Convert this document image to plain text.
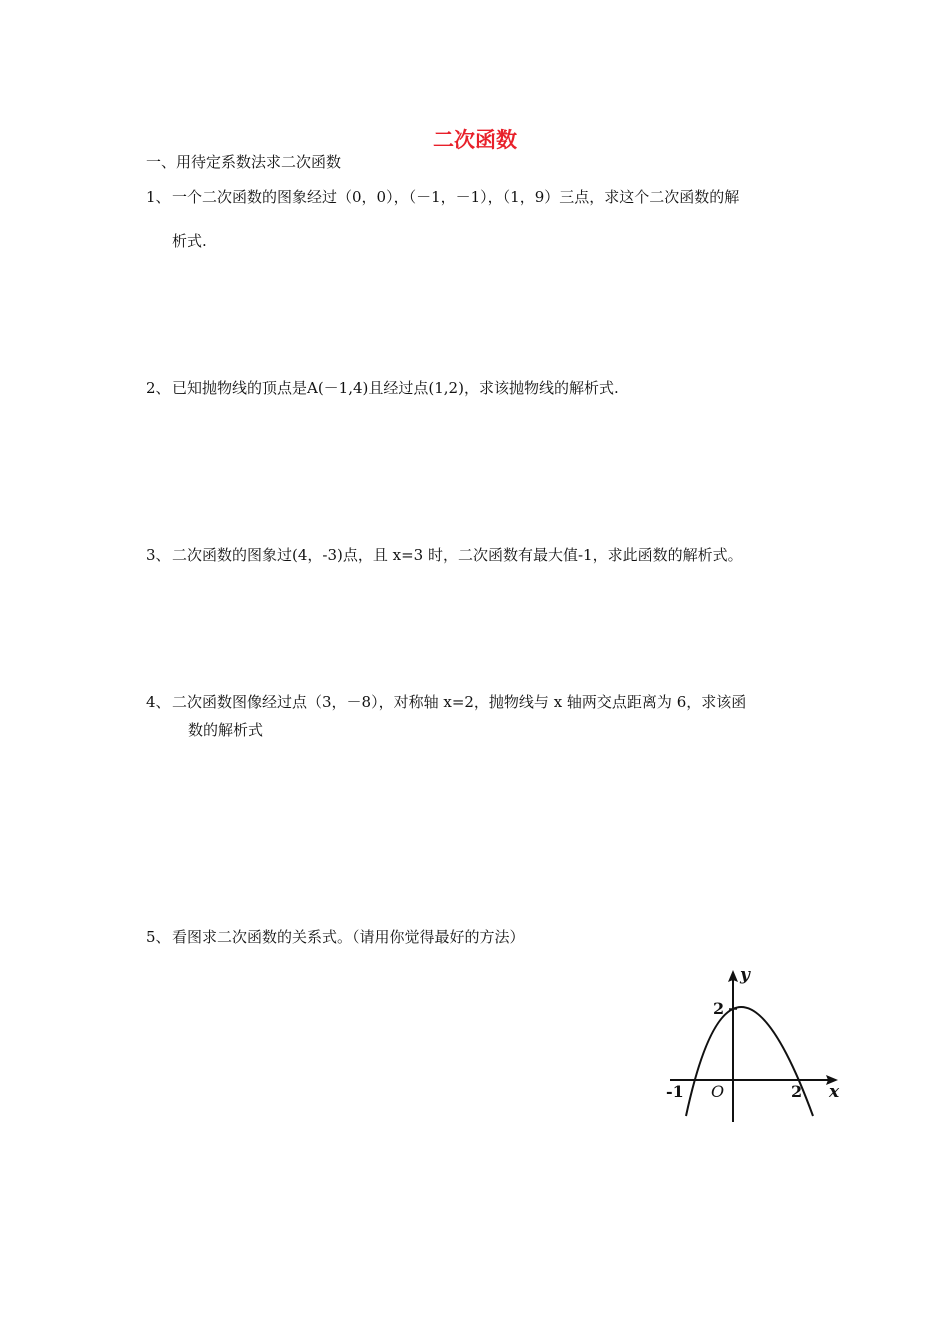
二次函数
一、用待定系数法求二次函数
1、 一个二次函数的图象经过（0，0），（－1，－1），（1，9）三点，求这个二次函数的解
析式.
2、 已知抛物线的顶点是A(－1,4)且经过点(1,2)，求该抛物线的解析式.
3、 二次函数的图象过(4，-3)点，且 x=3 时，二次函数有最大值-1，求此函数的解析式。
4、 二次函数图像经过点（3，－8），对称轴 x=2，抛物线与 x 轴两交点距离为 6，求该函
数的解析式
5、 看图求二次函数的关系式。（请用你觉得最好的方法）
y
x
O
2
-1	2
